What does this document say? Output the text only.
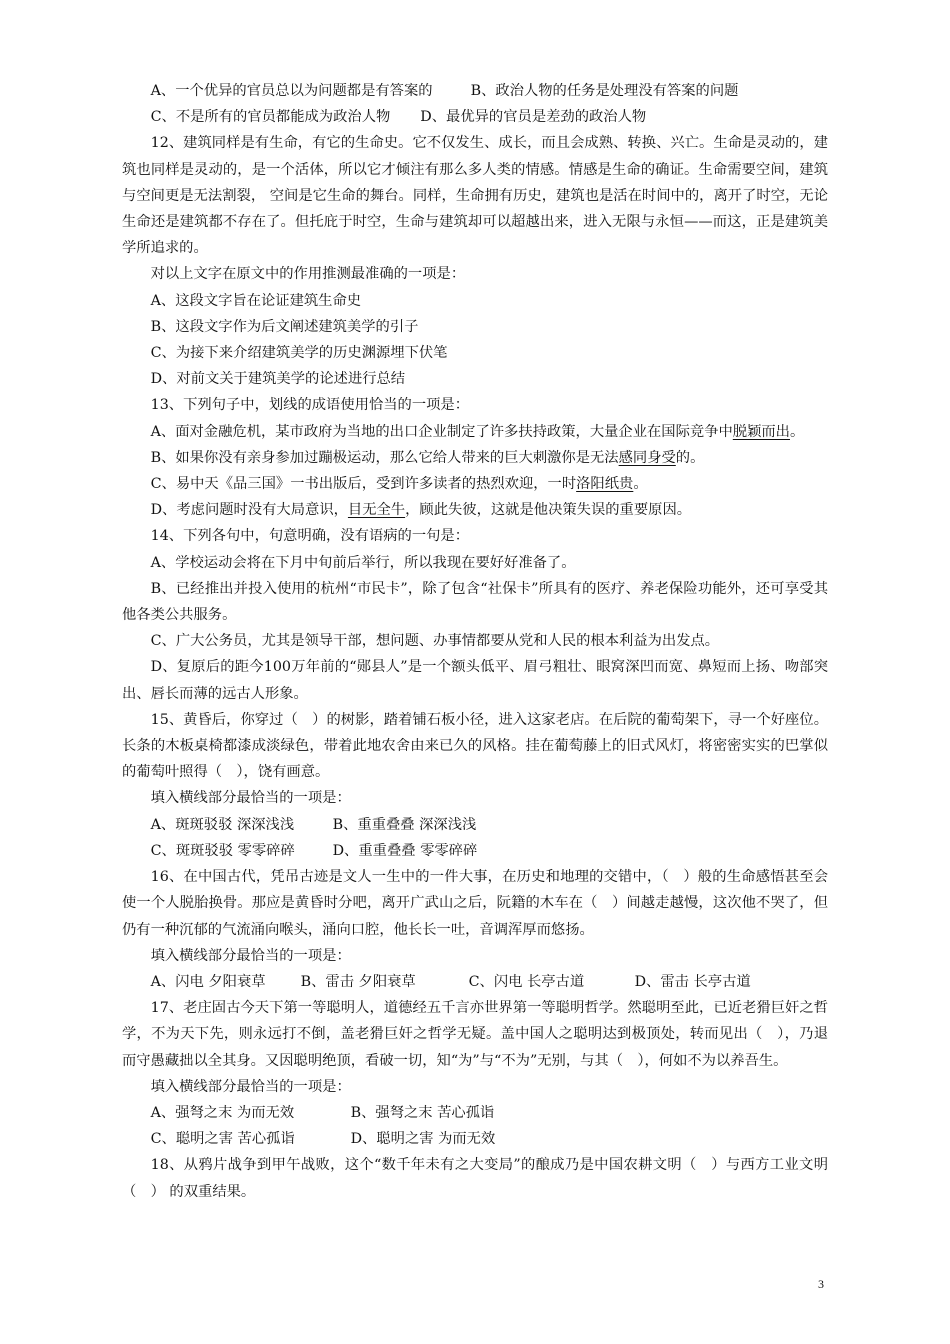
A、一个优异的官员总以为问题都是有答案的	B、政治人物的任务是处理没有答案的问题

C、不是所有的官员都能成为政治人物 D、最优异的官员是差劲的政治人物

12、建筑同样是有生命，有它的生命史。它不仅发生、成长，而且会成熟、转换、兴亡。生命是灵动的，建筑也同样是灵动的，是一个活体，所以它才倾注有那么多人类的情感。情感是生命的确证。生命需要空间，建筑与空间更是无法割裂， 空间是它生命的舞台。同样，生命拥有历史，建筑也是活在时间中的，离开了时空，无论生命还是建筑都不存在了。但托庇于时空，生命与建筑却可以超越出来，进入无限与永恒——而这，正是建筑美学所追求的。

对以上文字在原文中的作用推测最准确的一项是：

A、这段文字旨在论证建筑生命史

B、这段文字作为后文阐述建筑美学的引子

C、为接下来介绍建筑美学的历史渊源埋下伏笔

D、对前文关于建筑美学的论述进行总结

13、下列句子中，划线的成语使用恰当的一项是：

A、面对金融危机，某市政府为当地的出口企业制定了许多扶持政策，大量企业在国际竞争中脱颖而出。

B、如果你没有亲身参加过蹦极运动，那么它给人带来的巨大刺激你是无法感同身受的。

C、易中天《品三国》一书出版后，受到许多读者的热烈欢迎，一时洛阳纸贵。

D、考虑问题时没有大局意识，目无全牛，顾此失彼，这就是他决策失误的重要原因。

14、下列各句中，句意明确，没有语病的一句是：

A、学校运动会将在下月中旬前后举行，所以我现在要好好准备了。

B、已经推出并投入使用的杭州“市民卡”，除了包含“社保卡”所具有的医疗、养老保险功能外，还可享受其他各类公共服务。

C、广大公务员，尤其是领导干部，想问题、办事情都要从党和人民的根本利益为出发点。

D、复原后的距今100万年前的“郧县人”是一个额头低平、眉弓粗壮、眼窝深凹而宽、鼻短而上扬、吻部突出、唇长而薄的远古人形象。

15、黄昏后，你穿过（　）的树影，踏着铺石板小径，进入这家老店。在后院的葡萄架下，寻一个好座位。长条的木板桌椅都漆成淡绿色，带着此地农舍由来已久的风格。挂在葡萄藤上的旧式风灯，将密密实实的巴掌似的葡萄叶照得（　），饶有画意。

填入横线部分最恰当的一项是：

A、斑斑驳驳 深深浅浅	B、重重叠叠 深深浅浅
C、斑斑驳驳 零零碎碎	D、重重叠叠 零零碎碎

16、在中国古代，凭吊古迹是文人一生中的一件大事，在历史和地理的交错中，（　）般的生命感悟甚至会使一个人脱胎换骨。那应是黄昏时分吧，离开广武山之后，阮籍的木车在（　）间越走越慢，这次他不哭了，但仍有一种沉郁的气流涌向喉头，涌向口腔，他长长一吐，音调浑厚而悠扬。

填入横线部分最恰当的一项是：

A、闪电 夕阳衰草	B、雷击 夕阳衰草	C、闪电 长亭古道	D、雷击 长亭古道

17、老庄固古今天下第一等聪明人，道德经五千言亦世界第一等聪明哲学。然聪明至此，已近老猾巨奸之哲学，不为天下先，则永远打不倒，盖老猾巨奸之哲学无疑。盖中国人之聪明达到极顶处，转而见出（　），乃退而守愚藏拙以全其身。又因聪明绝顶，看破一切，知“为”与“不为”无别，与其（　），何如不为以养吾生。

填入横线部分最恰当的一项是：

A、强弩之末 为而无效	B、强弩之末 苦心孤诣
C、聪明之害 苦心孤诣	D、聪明之害 为而无效

18、从鸦片战争到甲午战败，这个“数千年未有之大变局”的酿成乃是中国农耕文明（　）与西方工业文明（　） 的双重结果。

3
